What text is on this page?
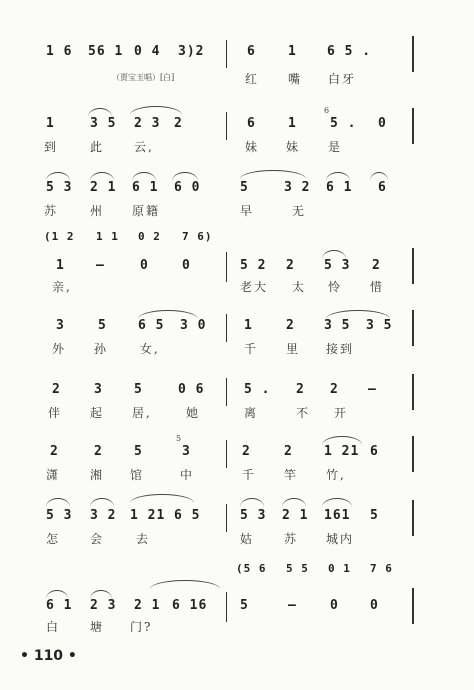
1 6 56 1 0 4 3)2	6 1 6 5 .
（贾宝玉唱）[白]	红 嘴 白牙
1	3 5 2 3 2	6 1
6
5 . 0
到	此 云,	妹 妹 是
5 3 2 1 6 1 6 0	5	3 2 6 1 6
苏	州 原籍	早	无
(1 2 1 1 0 2 7 6)
1 —	0	0	5 2 2 5 3 2
亲,	老大 太 怜 惜
3	5 6 5 3 0	1	2 3 5 3 5
外 孙	女,	千 里 接到
2	3 5	0 6	5 . 2 2 —
伴 起 居,	她	离	不 开
5
2	2 5	3	2	2 1 21 6
潇 湘 馆	中	千 竿 竹,
5 3 3 2 1 21 6 5	5 3 2 1 161 5
怎 会	去	姑 苏 城内
(5 6 5 5 0 1 7 6
6 1 2 3 2 1 6 16	5	—	0 0
白 塘 门?
• 110 •
